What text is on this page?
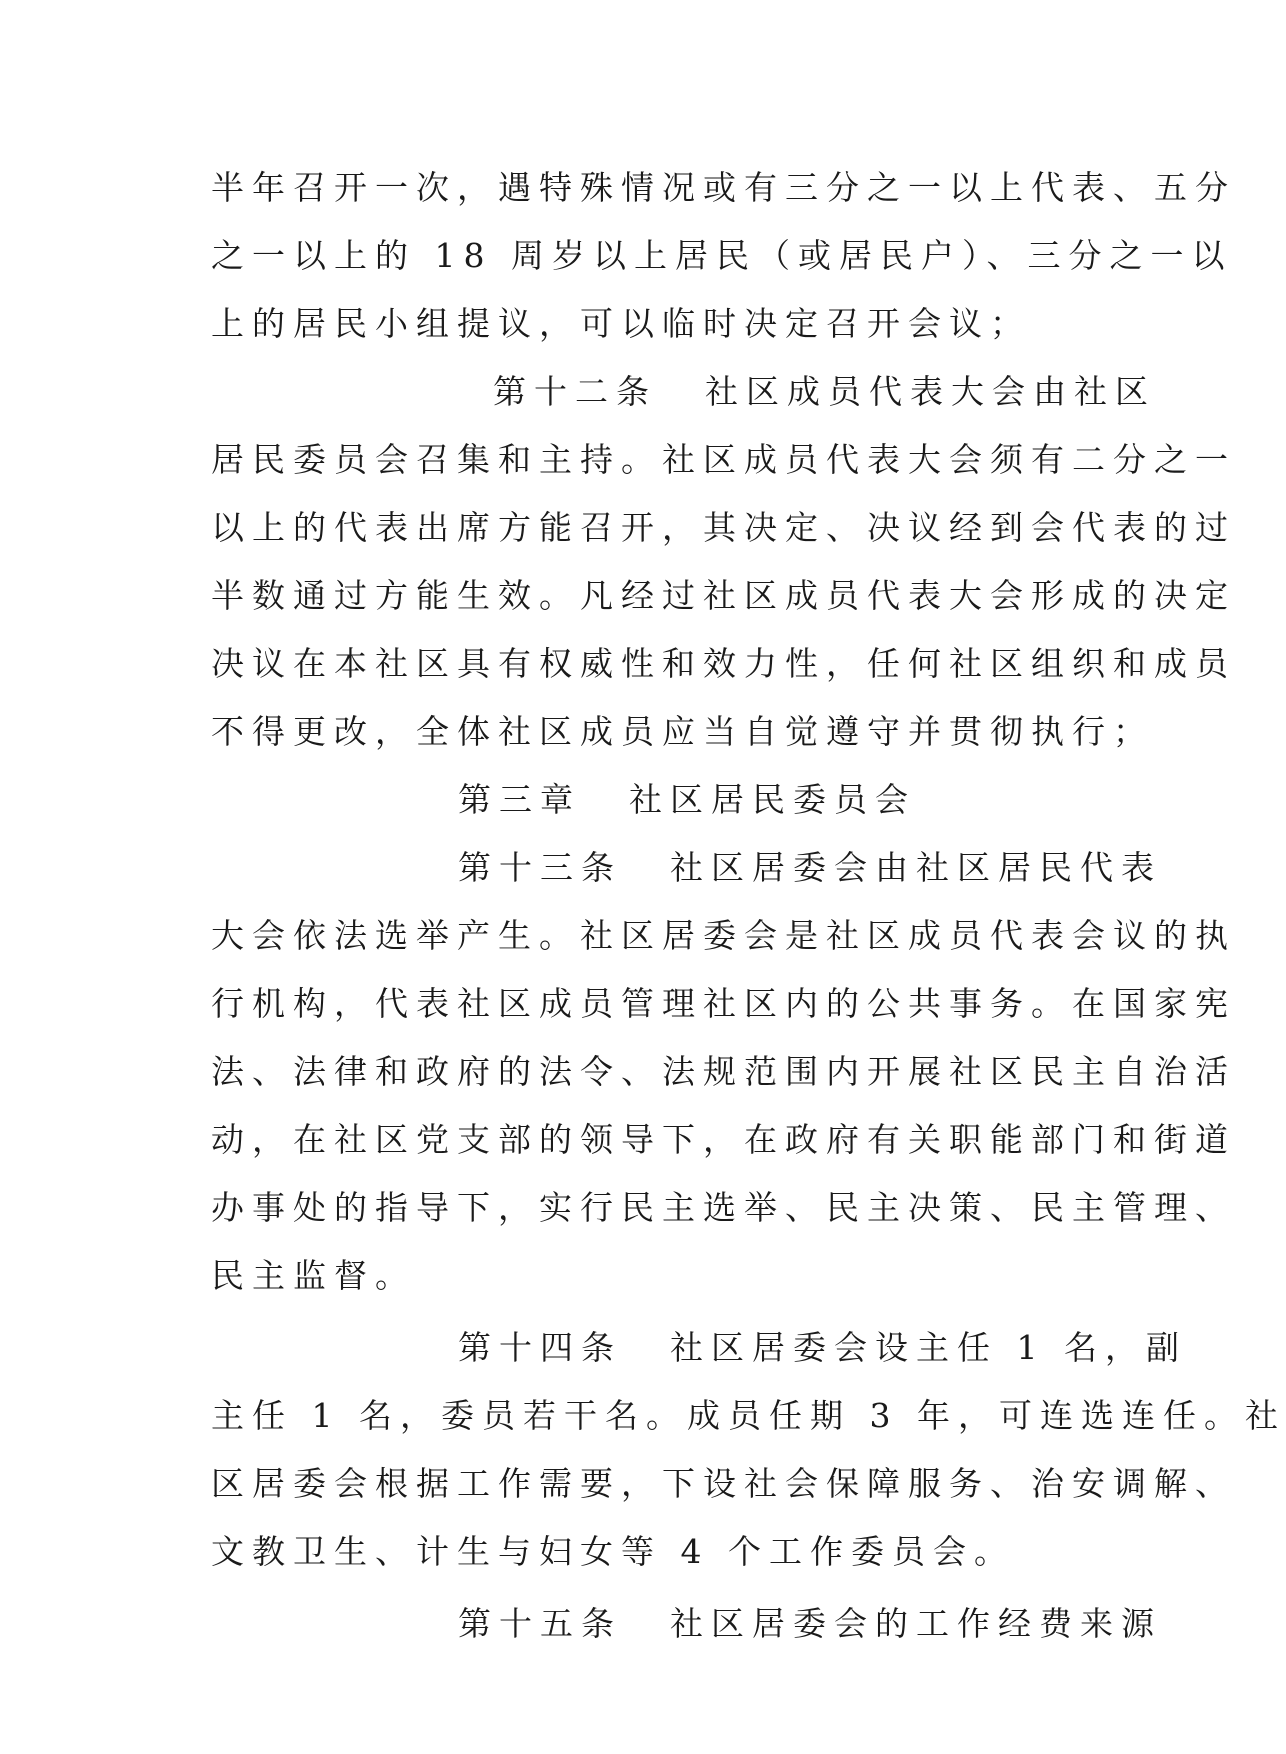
半年召开一次，遇特殊情况或有三分之一以上代表、五分
之一以上的 18 周岁以上居民（或居民户）、三分之一以
上的居民小组提议，可以临时决定召开会议；
第十二条 社区成员代表大会由社区
居民委员会召集和主持。社区成员代表大会须有二分之一
以上的代表出席方能召开，其决定、决议经到会代表的过
半数通过方能生效。凡经过社区成员代表大会形成的决定
决议在本社区具有权威性和效力性，任何社区组织和成员
不得更改，全体社区成员应当自觉遵守并贯彻执行；
第三章 社区居民委员会
第十三条 社区居委会由社区居民代表
大会依法选举产生。社区居委会是社区成员代表会议的执
行机构，代表社区成员管理社区内的公共事务。在国家宪
法、法律和政府的法令、法规范围内开展社区民主自治活
动，在社区党支部的领导下，在政府有关职能部门和街道
办事处的指导下，实行民主选举、民主决策、民主管理、
民主监督。
第十四条 社区居委会设主任 1 名，副
主任 1 名，委员若干名。成员任期 3 年，可连选连任。社
区居委会根据工作需要，下设社会保障服务、治安调解、
文教卫生、计生与妇女等 4 个工作委员会。
第十五条 社区居委会的工作经费来源
